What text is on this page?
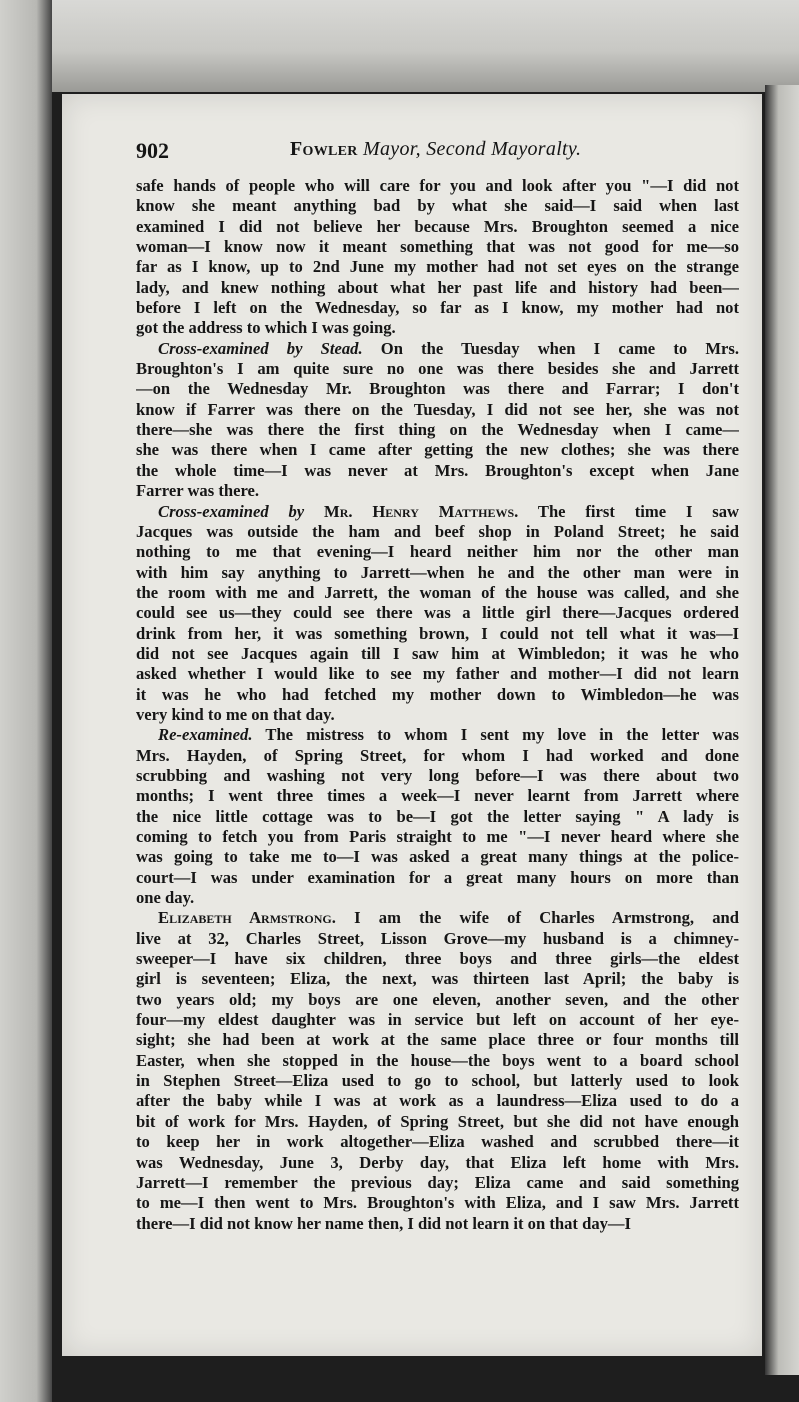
902	Fowler Mayor, Second Mayoralty.
safe hands of people who will care for you and look after you "—I did not
know she meant anything bad by what she said—I said when last
examined I did not believe her because Mrs. Broughton seemed a nice
woman—I know now it meant something that was not good for me—so
far as I know, up to 2nd June my mother had not set eyes on the strange
lady, and knew nothing about what her past life and history had been—
before I left on the Wednesday, so far as I know, my mother had not
got the address to which I was going.
Cross-examined by Stead. On the Tuesday when I came to Mrs.
Broughton's I am quite sure no one was there besides she and Jarrett
—on the Wednesday Mr. Broughton was there and Farrar; I don't
know if Farrer was there on the Tuesday, I did not see her, she was not
there—she was there the first thing on the Wednesday when I came—
she was there when I came after getting the new clothes; she was there
the whole time—I was never at Mrs. Broughton's except when Jane
Farrer was there.
Cross-examined by Mr. Henry Matthews. The first time I saw
Jacques was outside the ham and beef shop in Poland Street; he said
nothing to me that evening—I heard neither him nor the other man
with him say anything to Jarrett—when he and the other man were in
the room with me and Jarrett, the woman of the house was called, and she
could see us—they could see there was a little girl there—Jacques ordered
drink from her, it was something brown, I could not tell what it was—I
did not see Jacques again till I saw him at Wimbledon; it was he who
asked whether I would like to see my father and mother—I did not learn
it was he who had fetched my mother down to Wimbledon—he was
very kind to me on that day.
Re-examined. The mistress to whom I sent my love in the letter was
Mrs. Hayden, of Spring Street, for whom I had worked and done
scrubbing and washing not very long before—I was there about two
months; I went three times a week—I never learnt from Jarrett where
the nice little cottage was to be—I got the letter saying " A lady is
coming to fetch you from Paris straight to me "—I never heard where she
was going to take me to—I was asked a great many things at the police-
court—I was under examination for a great many hours on more than
one day.
Elizabeth Armstrong. I am the wife of Charles Armstrong, and
live at 32, Charles Street, Lisson Grove—my husband is a chimney-
sweeper—I have six children, three boys and three girls—the eldest
girl is seventeen; Eliza, the next, was thirteen last April; the baby is
two years old; my boys are one eleven, another seven, and the other
four—my eldest daughter was in service but left on account of her eye-
sight; she had been at work at the same place three or four months till
Easter, when she stopped in the house—the boys went to a board school
in Stephen Street—Eliza used to go to school, but latterly used to look
after the baby while I was at work as a laundress—Eliza used to do a
bit of work for Mrs. Hayden, of Spring Street, but she did not have enough
to keep her in work altogether—Eliza washed and scrubbed there—it
was Wednesday, June 3, Derby day, that Eliza left home with Mrs.
Jarrett—I remember the previous day; Eliza came and said something
to me—I then went to Mrs. Broughton's with Eliza, and I saw Mrs. Jarrett
there—I did not know her name then, I did not learn it on that day—I
